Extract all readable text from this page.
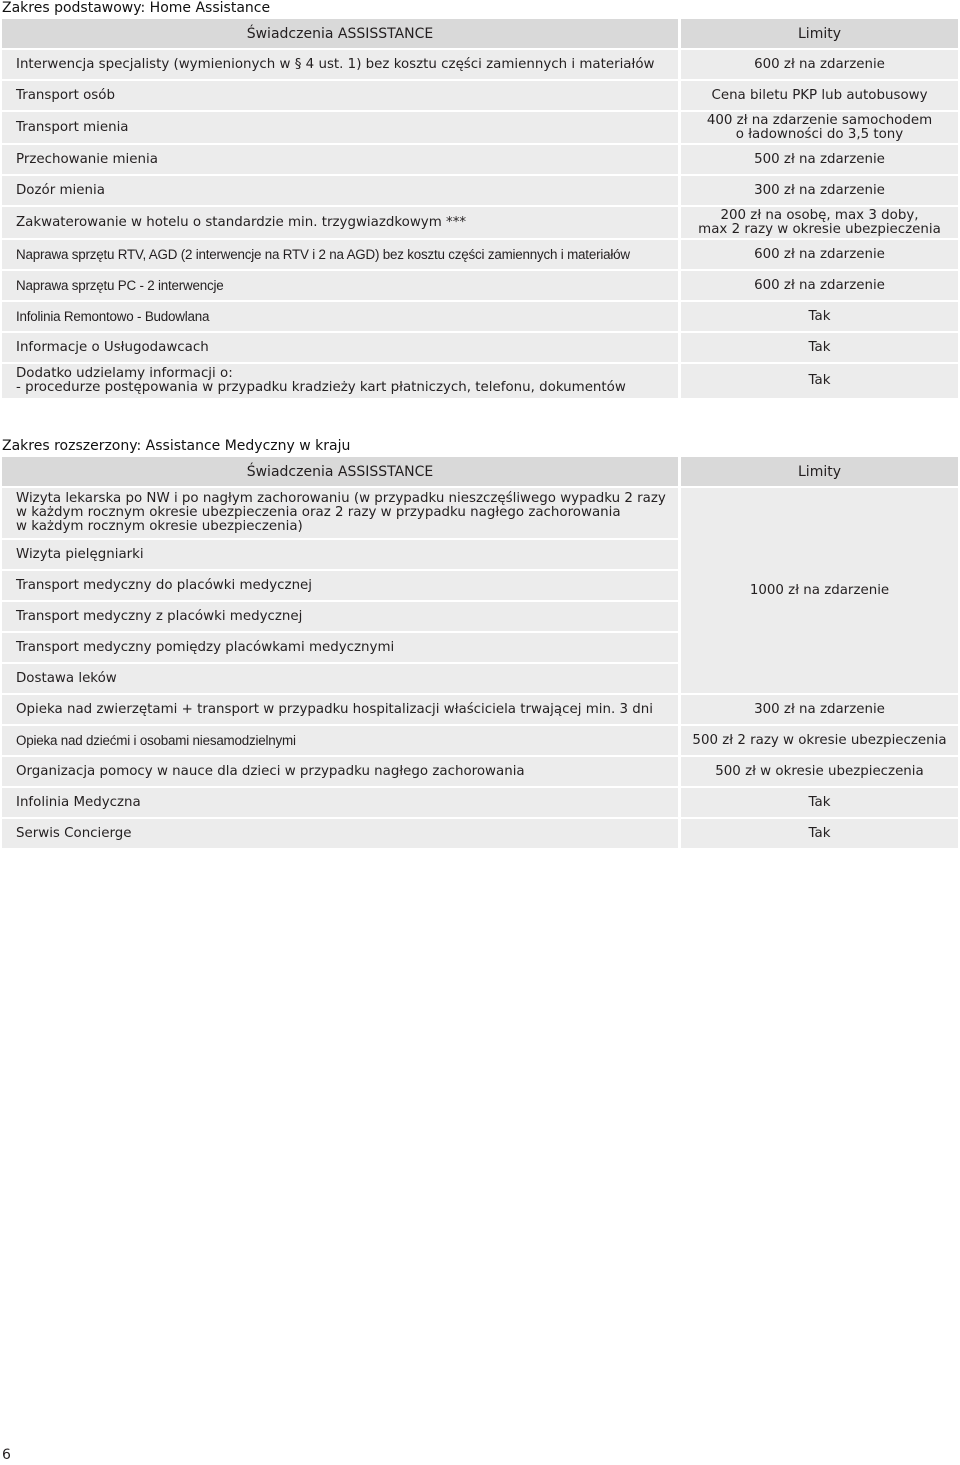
Zakres podstawowy: Home Assistance
Świadczenia ASSISSTANCE	Limity

Interwencja specjalisty (wymienionych w § 4 ust. 1) bez kosztu części zamiennych i materiałów	600 zł na zdarzenie

Transport osób	Cena biletu PKP lub autobusowy

Transport mienia	400 zł na zdarzenie samochodem
o ładowności do 3,5 tony

Przechowanie mienia	500 zł na zdarzenie

Dozór mienia	300 zł na zdarzenie

Zakwaterowanie w hotelu o standardzie min. trzygwiazdkowym ***	200 zł na osobę, max 3 doby,
max 2 razy w okresie ubezpieczenia

Naprawa sprzętu RTV, AGD (2 interwencje na RTV i 2 na AGD) bez kosztu części zamiennych i materiałów	600 zł na zdarzenie

Naprawa sprzętu PC - 2 interwencje	600 zł na zdarzenie

Infolinia Remontowo - Budowlana	Tak

Informacje o Usługodawcach	Tak

Dodatko udzielamy informacji o:
- procedurze postępowania w przypadku kradzieży kart płatniczych, telefonu, dokumentów	Tak
Zakres rozszerzony: Assistance Medyczny w kraju
Świadczenia ASSISSTANCE	Limity

Wizyta lekarska po NW i po nagłym zachorowaniu (w przypadku nieszczęśliwego wypadku 2 razy
w każdym rocznym okresie ubezpieczenia oraz 2 razy w przypadku nagłego zachorowania
w każdym rocznym okresie ubezpieczenia)	1000 zł na zdarzenie

Wizyta pielęgniarki	

Transport medyczny do placówki medycznej	

Transport medyczny z placówki medycznej	

Transport medyczny pomiędzy placówkami medycznymi	

Dostawa leków	

Opieka nad zwierzętami + transport w przypadku hospitalizacji właściciela trwającej min. 3 dni	300 zł na zdarzenie

Opieka nad dziećmi i osobami niesamodzielnymi	500 zł 2 razy w okresie ubezpieczenia

Organizacja pomocy w nauce dla dzieci w przypadku nagłego zachorowania	500 zł w okresie ubezpieczenia

Infolinia Medyczna	Tak

Serwis Concierge	Tak
6
